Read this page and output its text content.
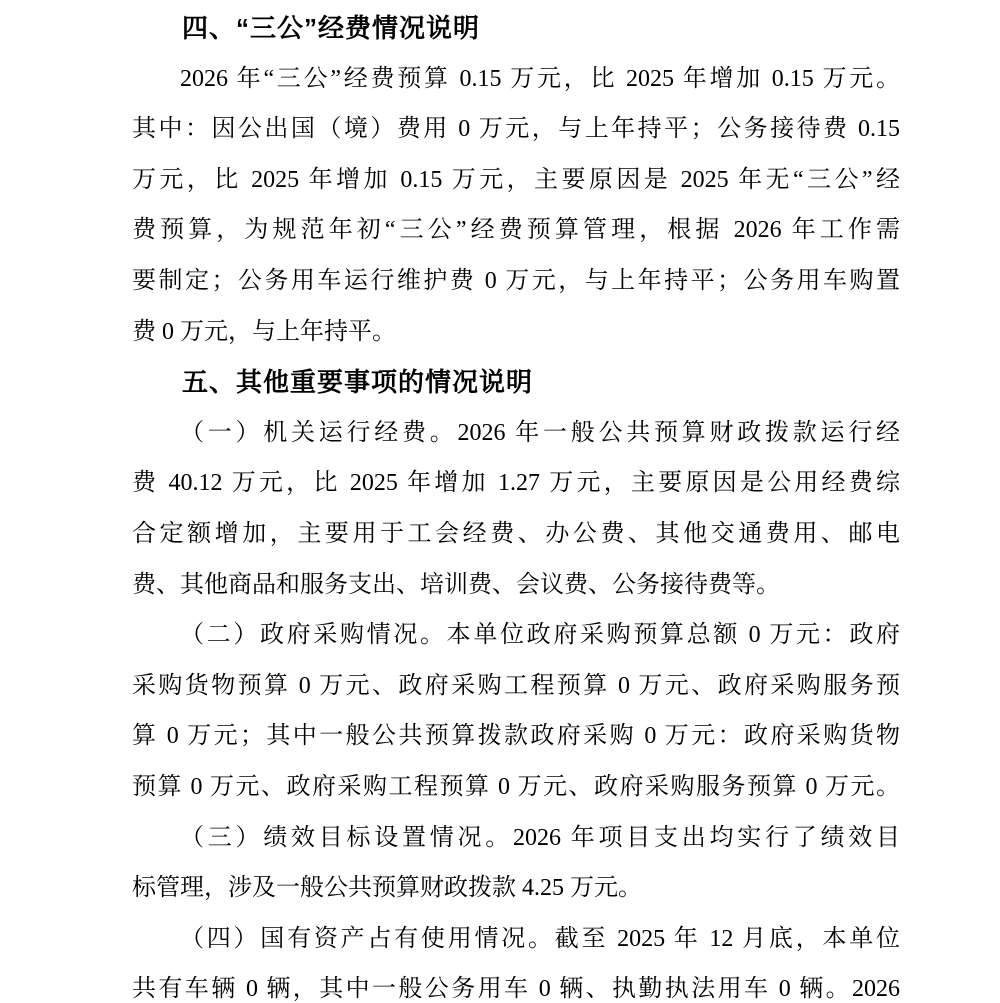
四、“三公”经费情况说明
2026 年“三公”经费预算 0.15 万元，比 2025 年增加 0.15 万元。
其中：因公出国（境）费用 0 万元，与上年持平；公务接待费 0.15
万元，比 2025 年增加 0.15 万元，主要原因是 2025 年无“三公”经
费预算，为规范年初“三公”经费预算管理，根据 2026 年工作需
要制定；公务用车运行维护费 0 万元，与上年持平；公务用车购置
费 0 万元，与上年持平。
五、其他重要事项的情况说明
（一）机关运行经费。2026 年一般公共预算财政拨款运行经
费 40.12 万元，比 2025 年增加 1.27 万元，主要原因是公用经费综
合定额增加，主要用于工会经费、办公费、其他交通费用、邮电
费、其他商品和服务支出、培训费、会议费、公务接待费等。
（二）政府采购情况。本单位政府采购预算总额 0 万元：政府
采购货物预算 0 万元、政府采购工程预算 0 万元、政府采购服务预
算 0 万元；其中一般公共预算拨款政府采购 0 万元：政府采购货物
预算 0 万元、政府采购工程预算 0 万元、政府采购服务预算 0 万元。
（三）绩效目标设置情况。2026 年项目支出均实行了绩效目
标管理，涉及一般公共预算财政拨款 4.25 万元。
（四）国有资产占有使用情况。截至 2025 年 12 月底，本单位
共有车辆 0 辆，其中一般公务用车 0 辆、执勤执法用车 0 辆。2026
